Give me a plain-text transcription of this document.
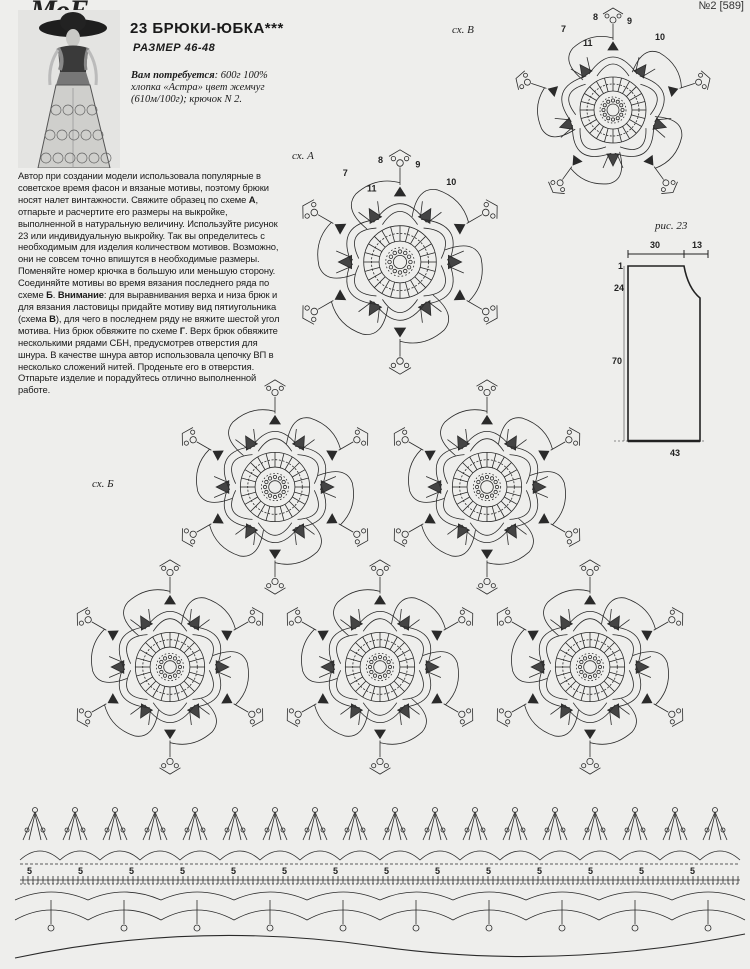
№2 [589]
23 БРЮКИ-ЮБКА***
РАЗМЕР 46-48
Вам потребуется: 600г 100% хлопка «Астра» цвет жемчуг (610м/100г); крючок N 2.
Автор при создании модели использовала популярные в советское время фасон и вязаные мотивы, поэтому брюки носят налет винтажности. Свяжите образец по схеме А, отпарьте и расчертите его размеры на выкройке, выполненной в натуральную величину. Используйте рисунок 23 или индивидуальную выкройку. Так вы определитесь с необходимым для изделия количеством мотивов. Возможно, они не совсем точно впишутся в необходимые размеры. Поменяйте номер крючка в большую или меньшую сторону. Соединяйте мотивы во время вязания последнего ряда по схеме Б. Внимание: для выравнивания верха и низа брюк и для вязания ластовицы придайте мотиву вид пятиугольника (схема В), для чего в последнем ряду не вяжите шестой угол мотива. Низ брюк обвяжите по схеме Г. Верх брюк обвяжите несколькими рядами СБН, предусмотрев отверстия для шнура. В качестве шнура автор использовала цепочку ВП в несколько сложений нитей. Проденьте его в отверстия. Отпарьте изделие и порадуйтесь отлично выполненной работе.
сх. В
сх. А
сх. Б
рис. 23
30	13
1
24
70
43
7
8	9
10
11
7
8	9
10
11
5	5	5	5	5	5	5	5	5	5	5	5	5	5
